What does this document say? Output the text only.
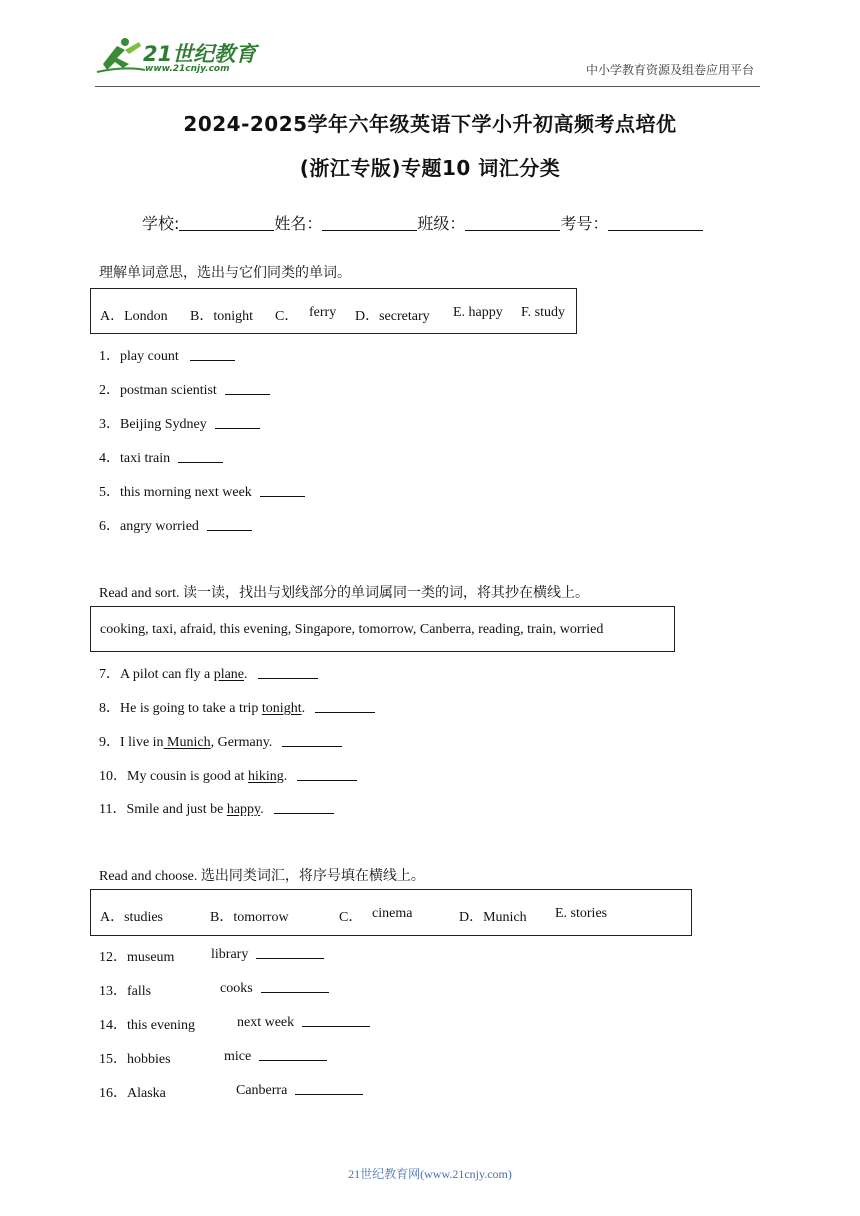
21世纪教育
www.21cnjy.com	中小学教育资源及组卷应用平台
2024-2025学年六年级英语下学小升初高频考点培优
(浙江专版)专题10 词汇分类
学校:	姓名：	班级：	考号：
理解单词意思，选出与它们同类的单词。
A．London B．tonight C． ferry D．secretary E. happy F. study
1．play count
2．postman scientist
3．Beijing Sydney
4．taxi train
5．this morning next week
6．angry worried
Read and sort. 读一读，找出与划线部分的单词属同一类的词，将其抄在横线上。
cooking, taxi, afraid, this evening, Singapore, tomorrow, Canberra, reading, train, worried
7．A pilot can fly a plane.
8．He is going to take a trip tonight.
9．I live in Munich, Germany.
10．My cousin is good at hiking.
11．Smile and just be happy.
Read and choose. 选出同类词汇，将序号填在横线上。
A．studies	B．tomorrow	C． cinema	D．Munich E. stories
12．museum	library
13．falls	cooks
14．this evening	next week
15．hobbies	mice
16．Alaska	Canberra
21世纪教育网(www.21cnjy.com)
